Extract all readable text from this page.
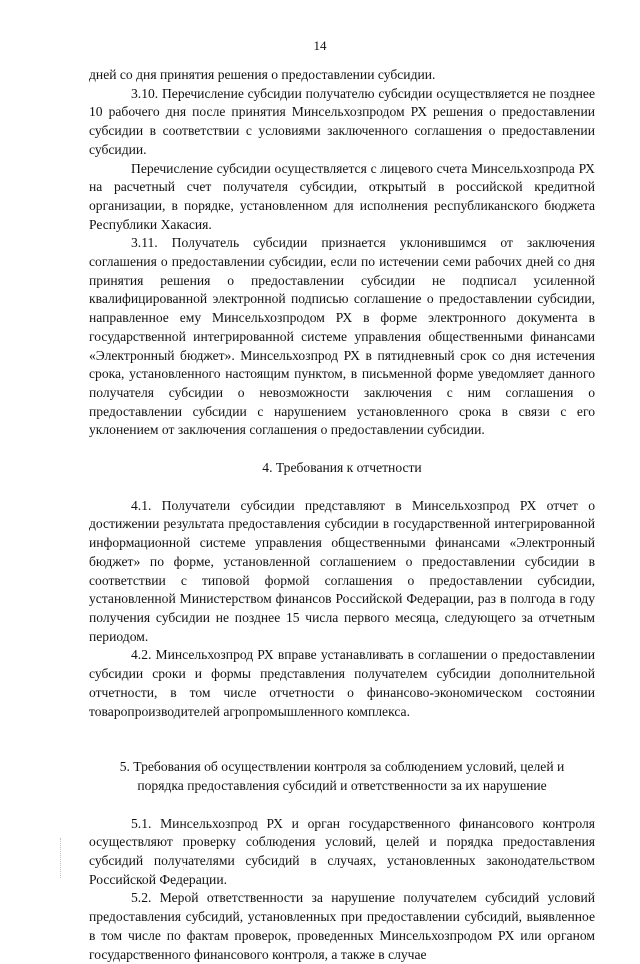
14

дней со дня принятия решения о предоставлении субсидии.

3.10. Перечисление субсидии получателю субсидии осуществляется не позднее 10 рабочего дня после принятия Минсельхозпродом РХ решения о предоставлении субсидии в соответствии с условиями заключенного соглашения о предоставлении субсидии.

Перечисление субсидии осуществляется с лицевого счета Минсельхозпрода РХ на расчетный счет получателя субсидии, открытый в российской кредитной организации, в порядке, установленном для исполнения республиканского бюджета Республики Хакасия.

3.11. Получатель субсидии признается уклонившимся от заключения соглашения о предоставлении субсидии, если по истечении семи рабочих дней со дня принятия решения о предоставлении субсидии не подписал усиленной квалифицированной электронной подписью соглашение о предоставлении субсидии, направленное ему Минсельхозпродом РХ в форме электронного документа в государственной интегрированной системе управления общественными финансами «Электронный бюджет». Минсельхозпрод РХ в пятидневный срок со дня истечения срока, установленного настоящим пунктом, в письменной форме уведомляет данного получателя субсидии о невозможности заключения с ним соглашения о предоставлении субсидии с нарушением установленного срока в связи с его уклонением от заключения соглашения о предоставлении субсидии.

4. Требования к отчетности

4.1. Получатели субсидии представляют в Минсельхозпрод РХ отчет о достижении результата предоставления субсидии в государственной интегрированной информационной системе управления общественными финансами «Электронный бюджет» по форме, установленной соглашением о предоставлении субсидии в соответствии с типовой формой соглашения о предоставлении субсидии, установленной Министерством финансов Российской Федерации, раз в полгода в году получения субсидии не позднее 15 числа первого месяца, следующего за отчетным периодом.

4.2. Минсельхозпрод РХ вправе устанавливать в соглашении о предоставлении субсидии сроки и формы представления получателем субсидии дополнительной отчетности, в том числе отчетности о финансово-экономическом состоянии товаропроизводителей агропромышленного комплекса.

5. Требования об осуществлении контроля за соблюдением условий, целей и
порядка предоставления субсидий и ответственности за их нарушение

5.1. Минсельхозпрод РХ и орган государственного финансового контроля осуществляют проверку соблюдения условий, целей и порядка предоставления субсидий получателями субсидий в случаях, установленных законодательством Российской Федерации.

5.2. Мерой ответственности за нарушение получателем субсидий условий предоставления субсидий, установленных при предоставлении субсидий, выявленное в том числе по фактам проверок, проведенных Минсельхозпродом РХ или органом государственного финансового контроля, а также в случае
